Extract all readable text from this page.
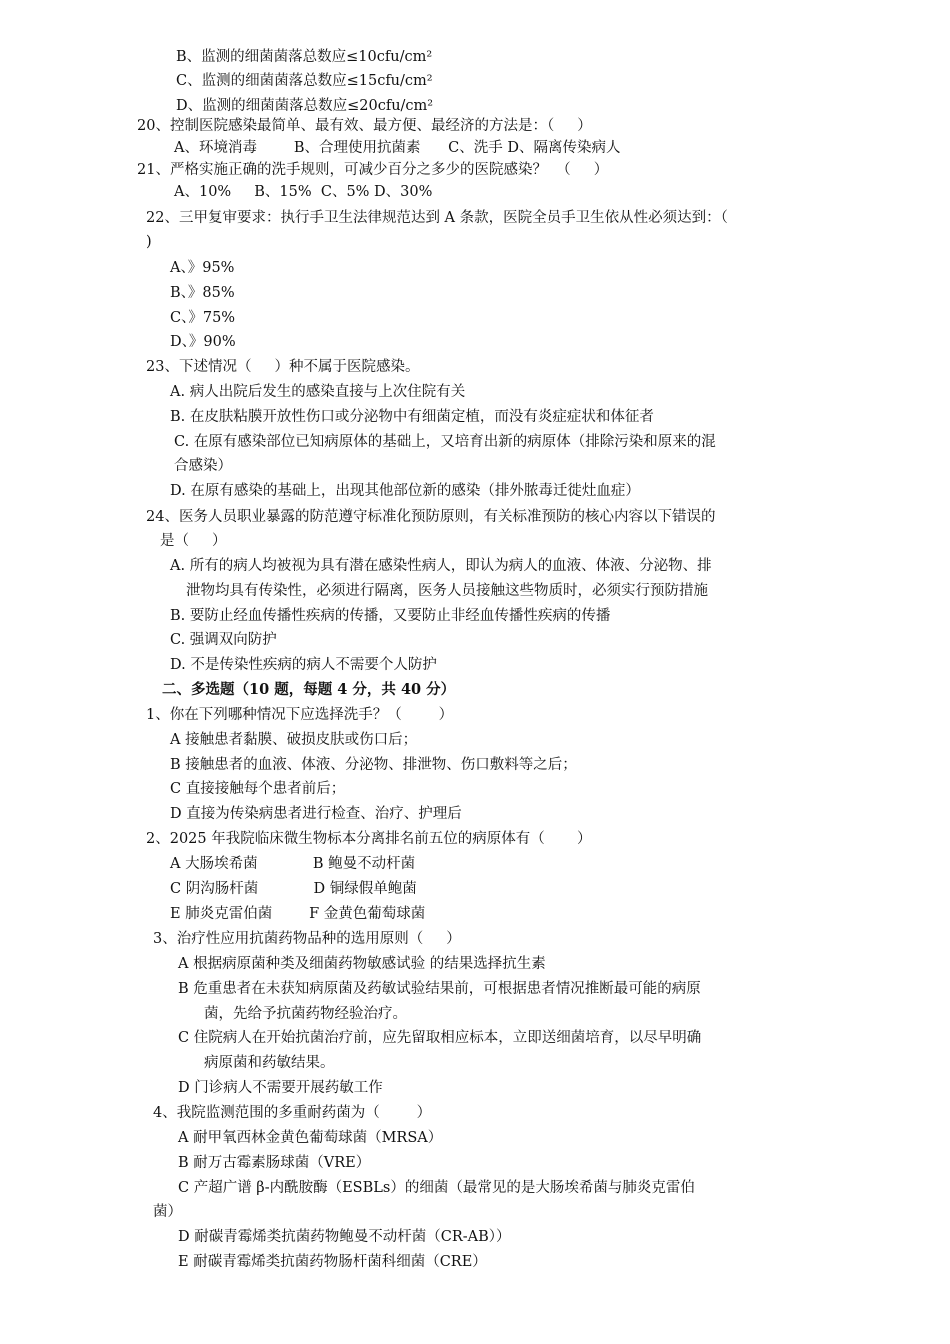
B、监测的细菌菌落总数应≤10cfu/cm²
C、监测的细菌菌落总数应≤15cfu/cm²
D、监测的细菌菌落总数应≤20cfu/cm²
20、控制医院感染最简单、最有效、最方便、最经济的方法是：（     ）
A、环境消毒        B、合理使用抗菌素      C、洗手 D、隔离传染病人
21、严格实施正确的洗手规则，可减少百分之多少的医院感染？  （     ）
A、10%     B、15%  C、5% D、30%
22、三甲复审要求：执行手卫生法律规范达到 A 条款，医院全员手卫生依从性必须达到：（
)
A、》95%
B、》85%
C、》75%
D、》90%
23、下述情况（     ）种不属于医院感染。
A. 病人出院后发生的感染直接与上次住院有关
B. 在皮肤粘膜开放性伤口或分泌物中有细菌定植，而没有炎症症状和体征者
C. 在原有感染部位已知病原体的基础上，又培育出新的病原体（排除污染和原来的混
合感染）
D. 在原有感染的基础上，出现其他部位新的感染（排外脓毒迁徙灶血症）
24、医务人员职业暴露的防范遵守标准化预防原则，有关标准预防的核心内容以下错误的
是（     ）
A. 所有的病人均被视为具有潜在感染性病人，即认为病人的血液、体液、分泌物、排
泄物均具有传染性，必须进行隔离，医务人员接触这些物质时，必须实行预防措施
B. 要防止经血传播性疾病的传播，又要防止非经血传播性疾病的传播
C. 强调双向防护
D. 不是传染性疾病的病人不需要个人防护
二、多选题（10 题，每题 4 分，共 40 分）
1、你在下列哪种情况下应选择洗手？（        ）
A 接触患者黏膜、破损皮肤或伤口后；
B 接触患者的血液、体液、分泌物、排泄物、伤口敷料等之后；
C 直接接触每个患者前后；
D 直接为传染病患者进行检查、治疗、护理后
2、2025 年我院临床微生物标本分离排名前五位的病原体有（       ）
A 大肠埃希菌            B 鲍曼不动杆菌
C 阴沟肠杆菌            D 铜绿假单鲍菌
E 肺炎克雷伯菌        F 金黄色葡萄球菌
3、治疗性应用抗菌药物品种的选用原则（     ）
A 根据病原菌种类及细菌药物敏感试验 的结果选择抗生素
B 危重患者在未获知病原菌及药敏试验结果前，可根据患者情况推断最可能的病原
菌，先给予抗菌药物经验治疗。
C 住院病人在开始抗菌治疗前，应先留取相应标本，立即送细菌培育，以尽早明确
病原菌和药敏结果。
D 门诊病人不需要开展药敏工作
4、我院监测范围的多重耐药菌为（        ）
A 耐甲氧西林金黄色葡萄球菌（MRSA）
B 耐万古霉素肠球菌（VRE）
C 产超广谱 β-内酰胺酶（ESBLs）的细菌（最常见的是大肠埃希菌与肺炎克雷伯
菌）
D 耐碳青霉烯类抗菌药物鲍曼不动杆菌（CR-AB））
E 耐碳青霉烯类抗菌药物肠杆菌科细菌（CRE）
